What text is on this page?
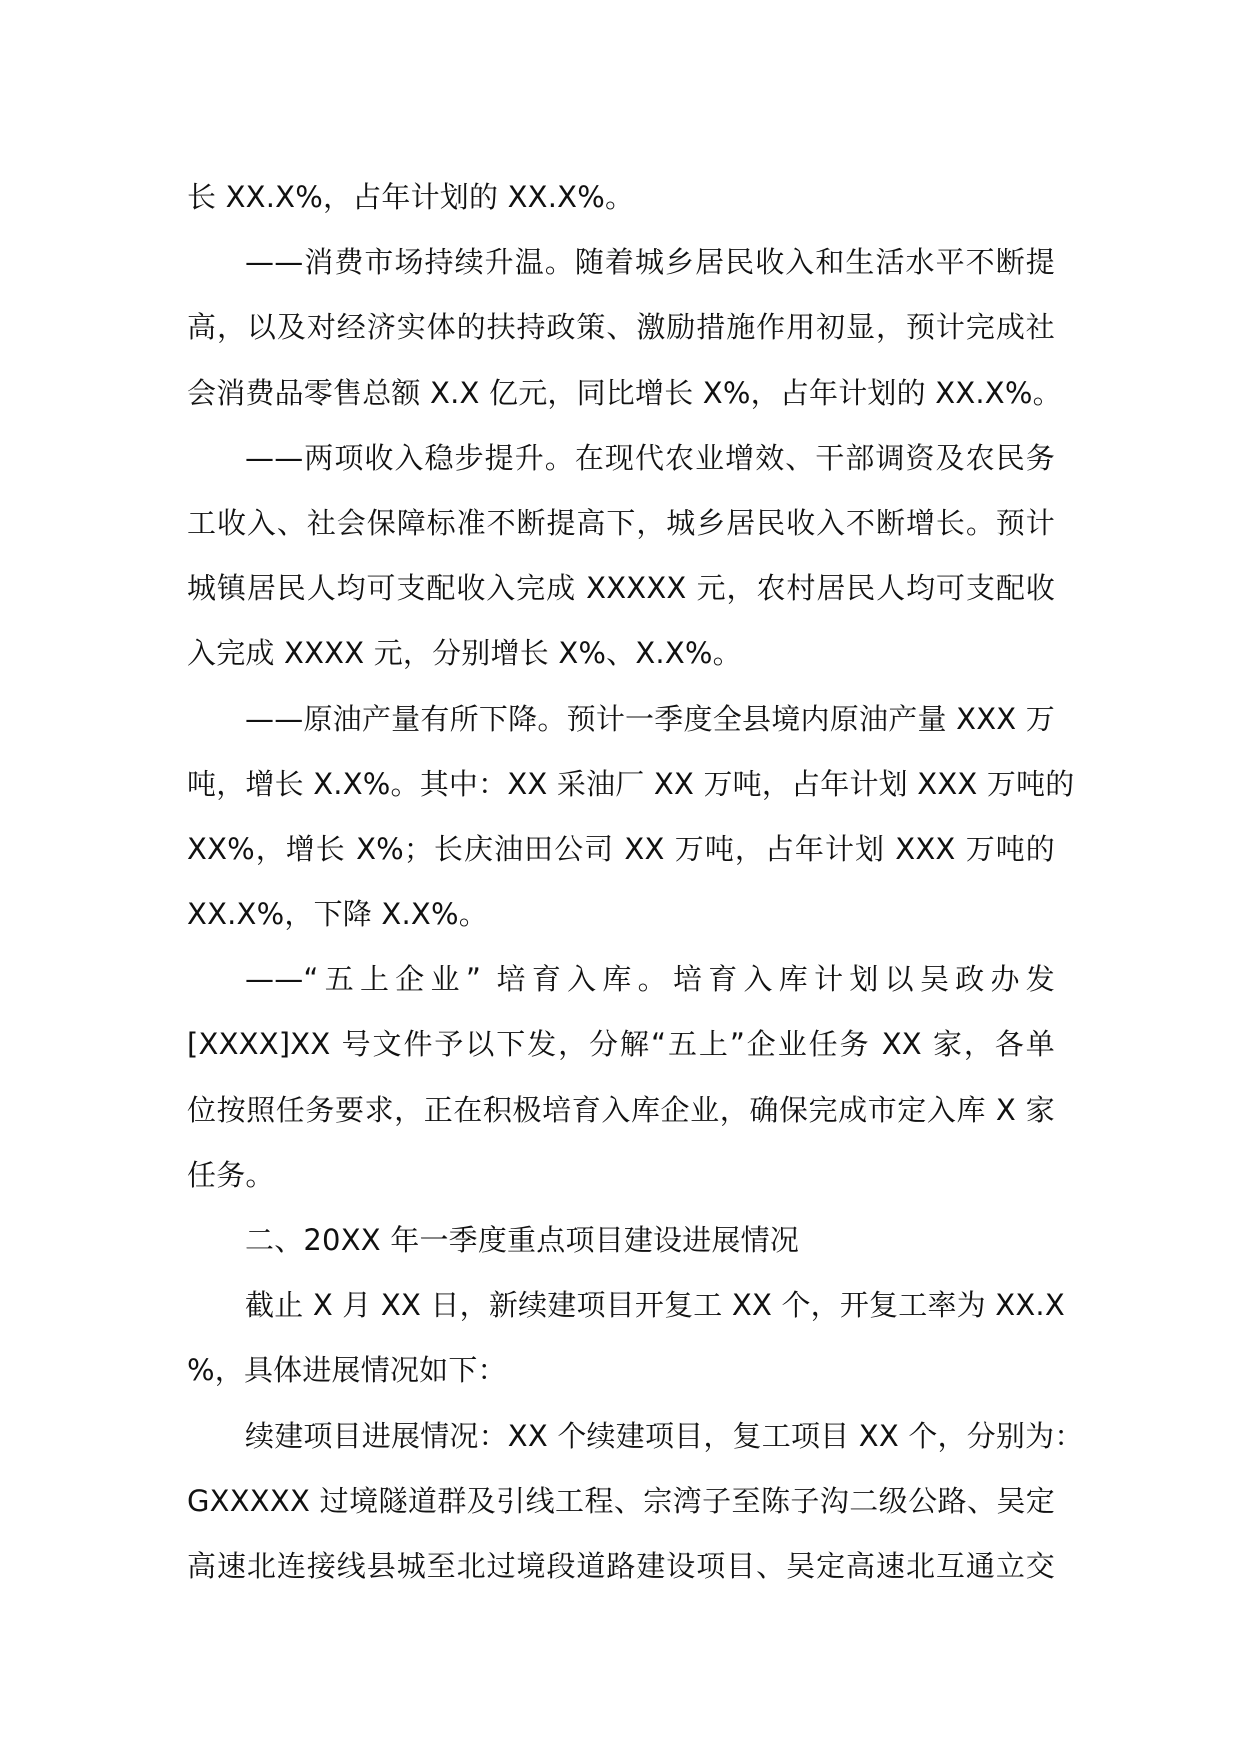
长 XX.X%，占年计划的 XX.X%。
——消费市场持续升温。随着城乡居民收入和生活水平不断提
高，以及对经济实体的扶持政策、激励措施作用初显，预计完成社
会消费品零售总额 X.X 亿元，同比增长 X%，占年计划的 XX.X%。
——两项收入稳步提升。在现代农业增效、干部调资及农民务
工收入、社会保障标准不断提高下，城乡居民收入不断增长。预计
城镇居民人均可支配收入完成 XXXXX 元，农村居民人均可支配收
入完成 XXXX 元，分别增长 X%、X.X%。
——原油产量有所下降。预计一季度全县境内原油产量 XXX 万
吨，增长 X.X%。其中：XX 采油厂 XX 万吨，占年计划 XXX 万吨的
XX%，增长 X%；长庆油田公司 XX 万吨，占年计划 XXX 万吨的
XX.X%，下降 X.X%。
——“五上企业” 培育入库。培育入库计划以吴政办发
[XXXX]XX 号文件予以下发，分解“五上”企业任务 XX 家，各单
位按照任务要求，正在积极培育入库企业，确保完成市定入库 X 家
任务。
二、20XX 年一季度重点项目建设进展情况
截止 X 月 XX 日，新续建项目开复工 XX 个，开复工率为 XX.X
%，具体进展情况如下：
续建项目进展情况：XX 个续建项目，复工项目 XX 个，分别为：
GXXXXX 过境隧道群及引线工程、宗湾子至陈子沟二级公路、吴定
高速北连接线县城至北过境段道路建设项目、吴定高速北互通立交
